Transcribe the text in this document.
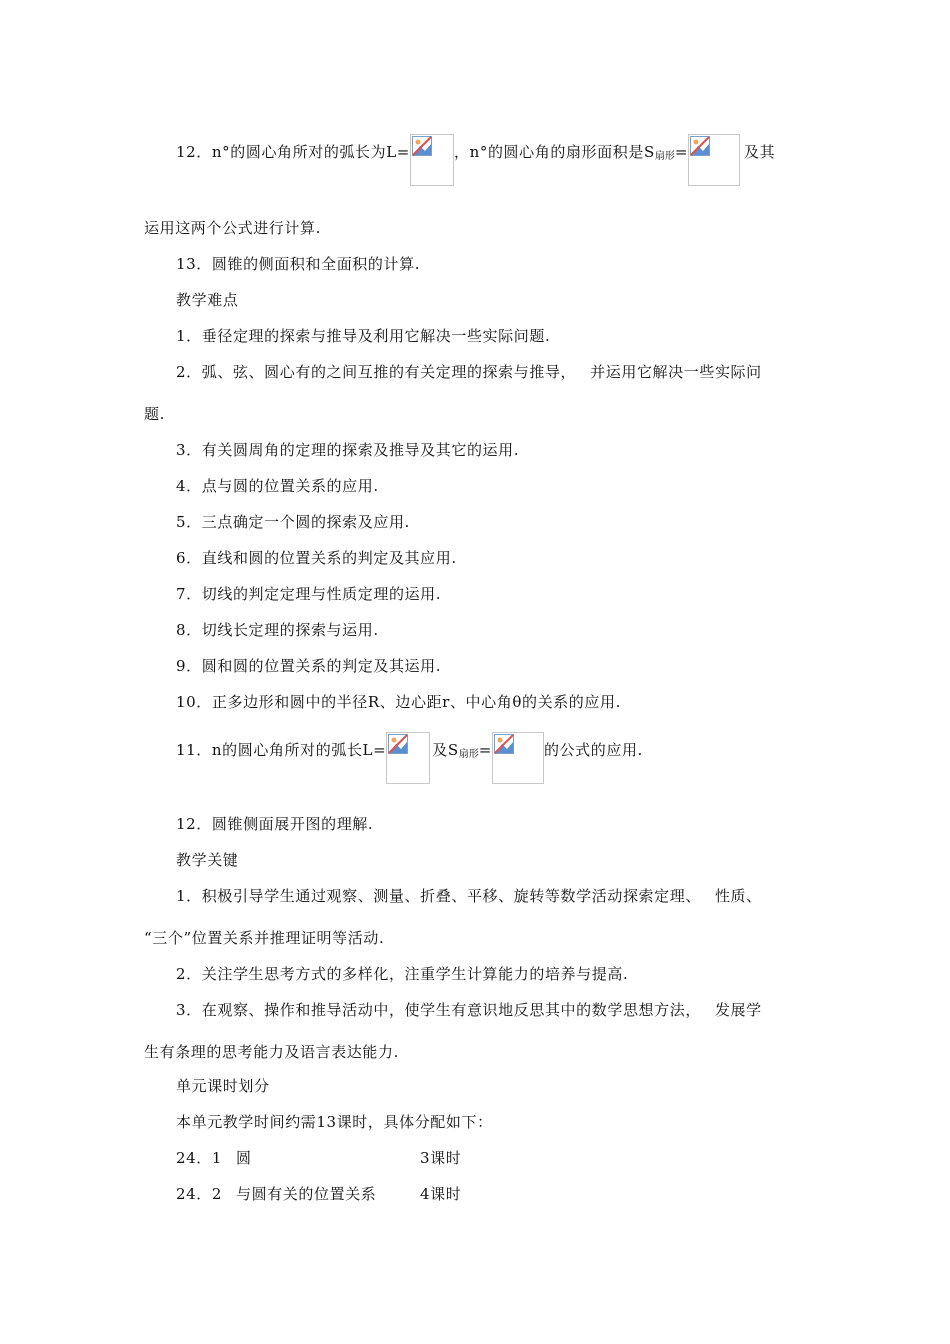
12．n°的圆心角所对的弧长为L=	，n°的圆心角的扇形面积是$S_{扇形}=$	及其
运用这两个公式进行计算.
13．圆锥的侧面积和全面积的计算.
教学难点
1．垂径定理的探索与推导及利用它解决一些实际问题.
2．弧、弦、圆心有的之间互推的有关定理的探索与推导， 并运用它解决一些实际问
题.
3．有关圆周角的定理的探索及推导及其它的运用.
4．点与圆的位置关系的应用.
5．三点确定一个圆的探索及应用.
6．直线和圆的位置关系的判定及其应用.
7．切线的判定定理与性质定理的运用.
8．切线长定理的探索与运用.
9．圆和圆的位置关系的判定及其运用.
10．正多边形和圆中的半径R、边心距r、中心角θ的关系的应用.
11．n的圆心角所对的弧长L=	及$S_{扇形}=$	的公式的应用.
12．圆锥侧面展开图的理解.
教学关键
1．积极引导学生通过观察、测量、折叠、平移、旋转等数学活动探索定理、 性质、
“三个”位置关系并推理证明等活动.
2．关注学生思考方式的多样化，注重学生计算能力的培养与提高.
3．在观察、操作和推导活动中，使学生有意识地反思其中的数学思想方法， 发展学
生有条理的思考能力及语言表达能力.
单元课时划分
本单元教学时间约需13课时，具体分配如下：
24．1 圆	3课时
24．2 与圆有关的位置关系	4课时
